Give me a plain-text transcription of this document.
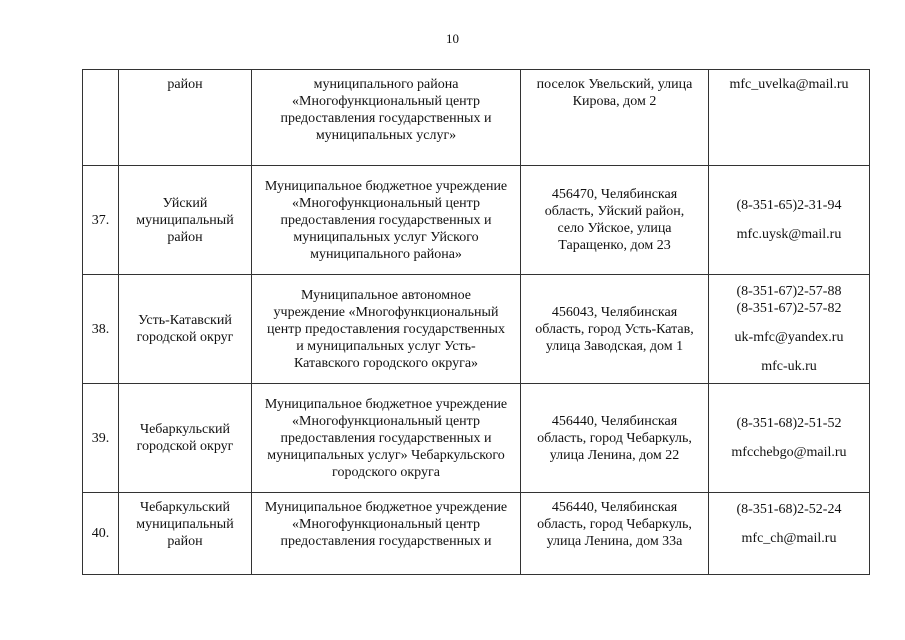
10

	район	муниципального района
«Многофункциональный центр
предоставления государственных и
муниципальных услуг»	поселок Увельский, улица
Кирова, дом 2	mfc_uvelka@mail.ru

37.	Уйский
муниципальный
район	Муниципальное бюджетное учреждение
«Многофункциональный центр
предоставления государственных и
муниципальных услуг Уйского
муниципального района»	456470, Челябинская
область, Уйский район,
село Уйское, улица
Таращенко, дом 23	(8-351-65)2-31-94
mfc.uysk@mail.ru

38.	Усть-Катавский
городской округ	Муниципальное автономное
учреждение «Многофункциональный
центр предоставления государственных
и муниципальных услуг Усть-
Катавского городского округа»	456043, Челябинская
область, город Усть-Катав,
улица Заводская, дом 1	(8-351-67)2-57-88
(8-351-67)2-57-82
uk-mfc@yandex.ru
mfc-uk.ru

39.	Чебаркульский
городской округ	Муниципальное бюджетное учреждение
«Многофункциональный центр
предоставления государственных и
муниципальных услуг» Чебаркульского
городского округа	456440, Челябинская
область, город Чебаркуль,
улица Ленина, дом 22	(8-351-68)2-51-52
mfcchebgo@mail.ru

40.	Чебаркульский
муниципальный
район	Муниципальное бюджетное учреждение
«Многофункциональный центр
предоставления государственных и	456440, Челябинская
область, город Чебаркуль,
улица Ленина, дом 33а	(8-351-68)2-52-24
mfc_ch@mail.ru
